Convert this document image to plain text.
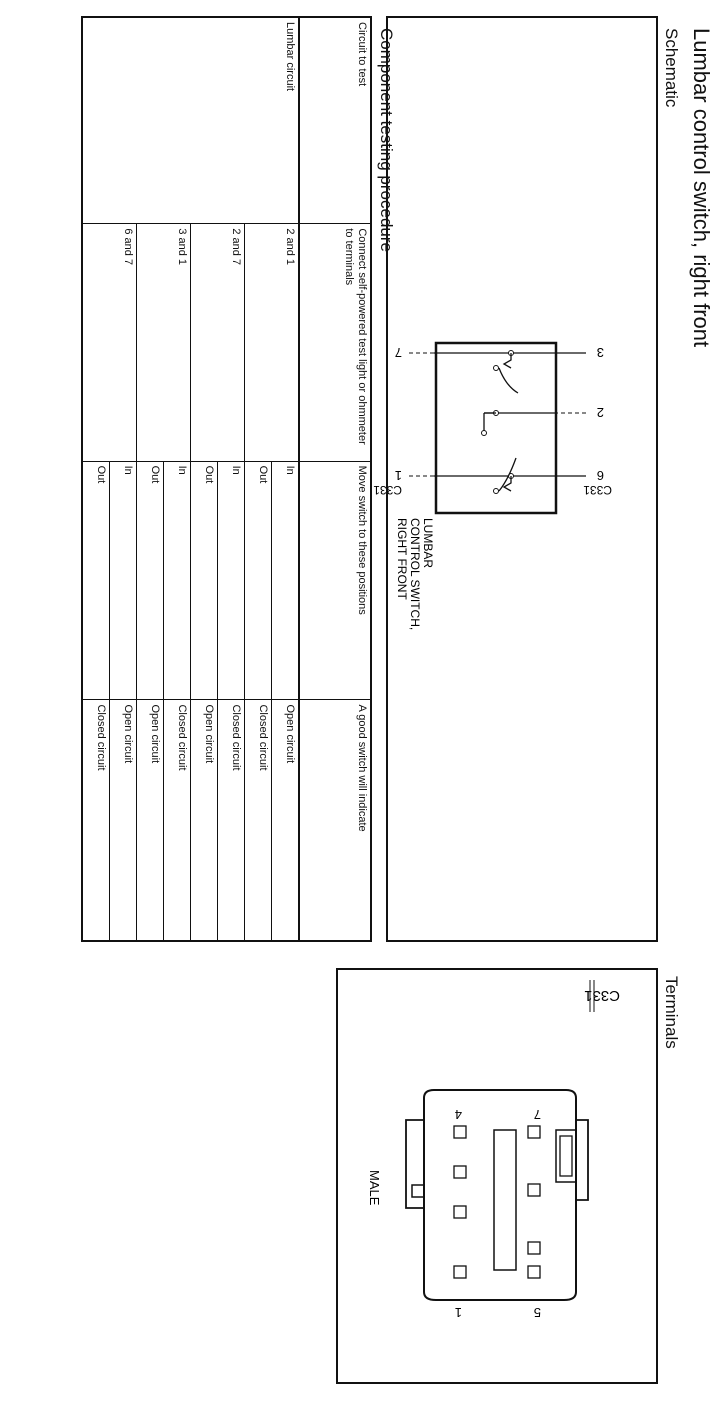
Lumbar control switch, right front
Schematic
3
2
6
C331
7
1
C331
LUMBAR
CONTROL SWITCH,
RIGHT FRONT
Component testing procedure
Circuit to test	Connect self-powered test light or ohmmeter to terminals	Move switch to these positions	A good switch will indicate
Lumbar circuit	2 and 1	In	Open circuit
		Out	Closed circuit
	2 and 7	In	Closed circuit
		Out	Open circuit
	3 and 1	In	Closed circuit
		Out	Open circuit
	6 and 7	In	Open circuit
		Out	Closed circuit
Terminals
C331
7
4
5
1
MALE
